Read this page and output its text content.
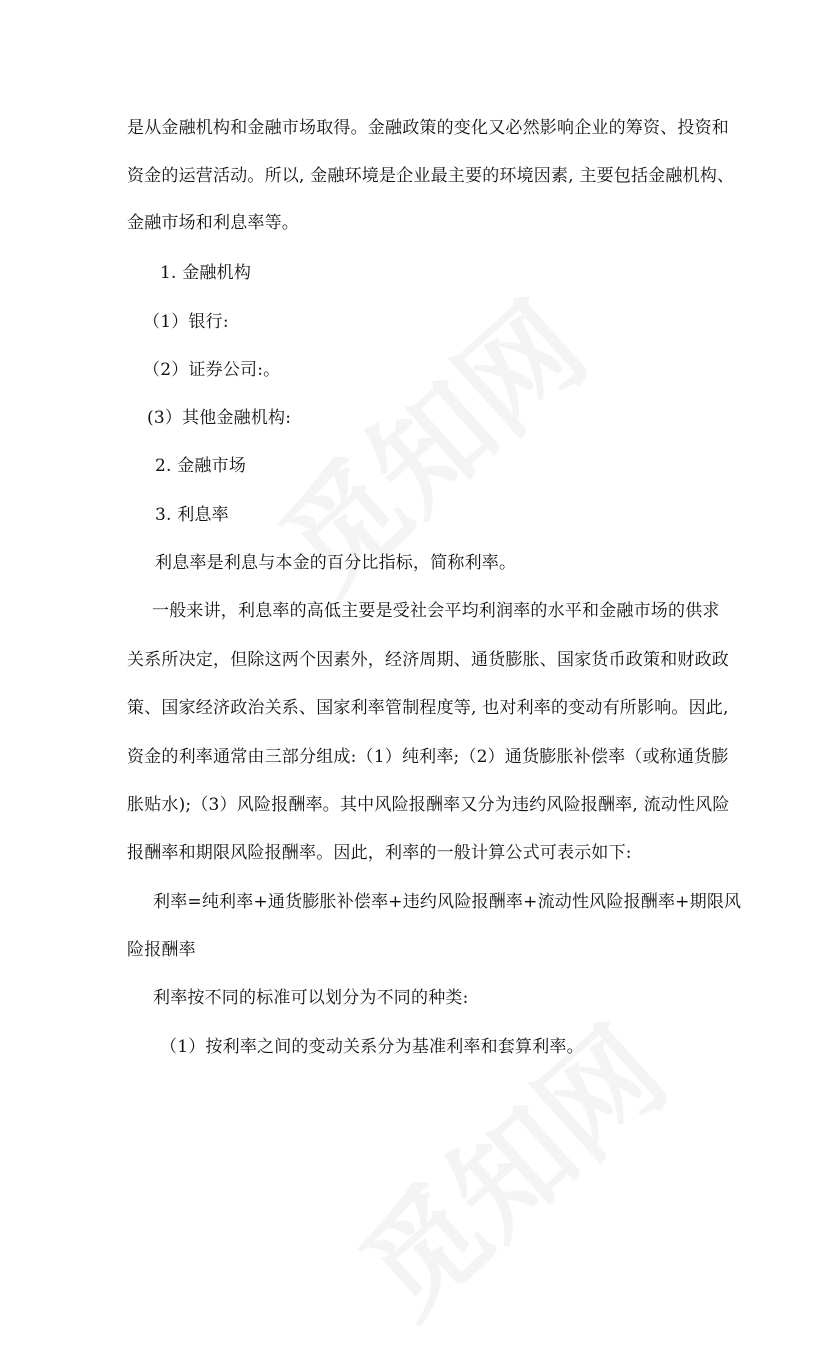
是从金融机构和金融市场取得。金融政策的变化又必然影响企业的筹资、投资和
资金的运营活动。所以, 金融环境是企业最主要的环境因素, 主要包括金融机构、
金融市场和利息率等。
1. 金融机构
（1）银行:
（2）证券公司:。
(3）其他金融机构:
2. 金融市场
3. 利息率
利息率是利息与本金的百分比指标，简称利率。
一般来讲，利息率的高低主要是受社会平均利润率的水平和金融市场的供求
关系所决定，但除这两个因素外，经济周期、通货膨胀、国家货币政策和财政政
策、国家经济政治关系、国家利率管制程度等, 也对利率的变动有所影响。因此,
资金的利率通常由三部分组成:（1）纯利率;（2）通货膨胀补偿率（或称通货膨
胀贴水);（3）风险报酬率。其中风险报酬率又分为违约风险报酬率, 流动性风险
报酬率和期限风险报酬率。因此，利率的一般计算公式可表示如下:
利率=纯利率+通货膨胀补偿率+违约风险报酬率+流动性风险报酬率+期限风
险报酬率
利率按不同的标准可以划分为不同的种类:
（1）按利率之间的变动关系分为基准利率和套算利率。
